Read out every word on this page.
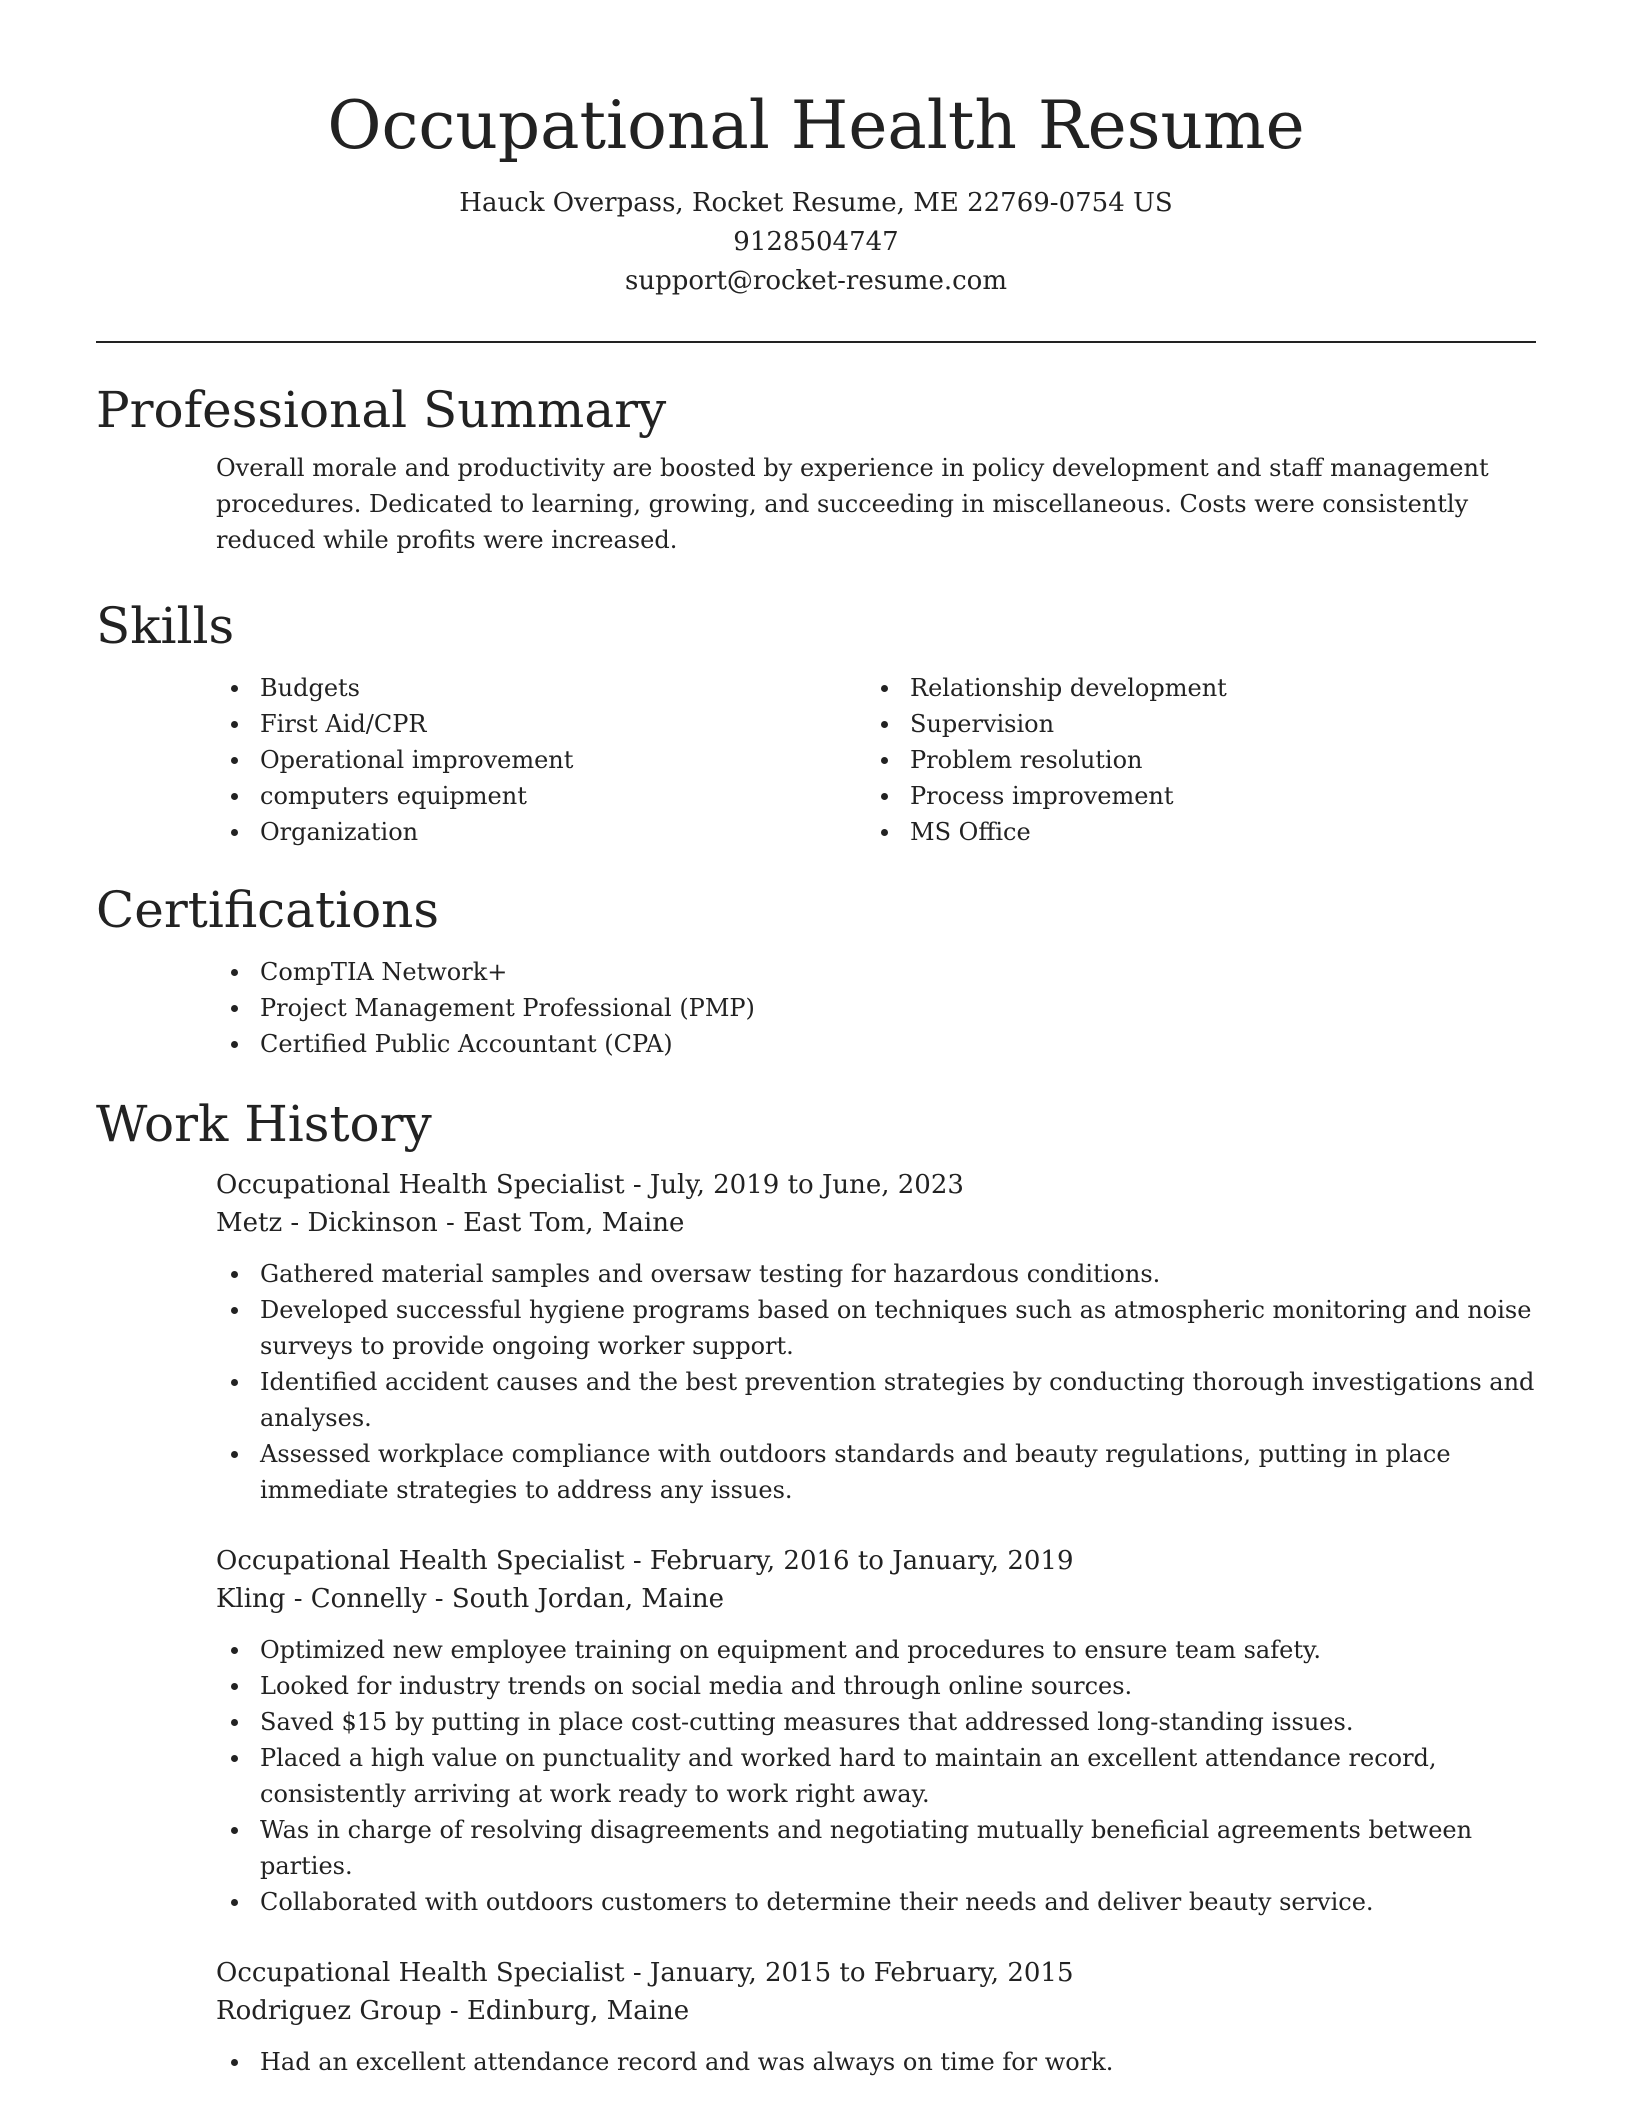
Occupational Health Resume
Hauck Overpass, Rocket Resume, ME 22769-0754 US
9128504747
support@rocket-resume.com
Professional Summary

Overall morale and productivity are boosted by experience in policy development and staff management procedures. Dedicated to learning, growing, and succeeding in miscellaneous. Costs were consistently reduced while profits were increased.

Skills
Budgets
First Aid/CPR
Operational improvement
computers equipment
Organization
Relationship development
Supervision
Problem resolution
Process improvement
MS Office
Certifications
CompTIA Network+
Project Management Professional (PMP)
Certified Public Accountant (CPA)
Work History
Occupational Health Specialist - July, 2019 to June, 2023
Metz - Dickinson - East Tom, Maine
Gathered material samples and oversaw testing for hazardous conditions.
Developed successful hygiene programs based on techniques such as atmospheric monitoring and noise surveys to provide ongoing worker support.
Identified accident causes and the best prevention strategies by conducting thorough investigations and analyses.
Assessed workplace compliance with outdoors standards and beauty regulations, putting in place immediate strategies to address any issues.
Occupational Health Specialist - February, 2016 to January, 2019
Kling - Connelly - South Jordan, Maine
Optimized new employee training on equipment and procedures to ensure team safety.
Looked for industry trends on social media and through online sources.
Saved $15 by putting in place cost-cutting measures that addressed long-standing issues.
Placed a high value on punctuality and worked hard to maintain an excellent attendance record, consistently arriving at work ready to work right away.
Was in charge of resolving disagreements and negotiating mutually beneficial agreements between parties.
Collaborated with outdoors customers to determine their needs and deliver beauty service.
Occupational Health Specialist - January, 2015 to February, 2015
Rodriguez Group - Edinburg, Maine
Had an excellent attendance record and was always on time for work.
